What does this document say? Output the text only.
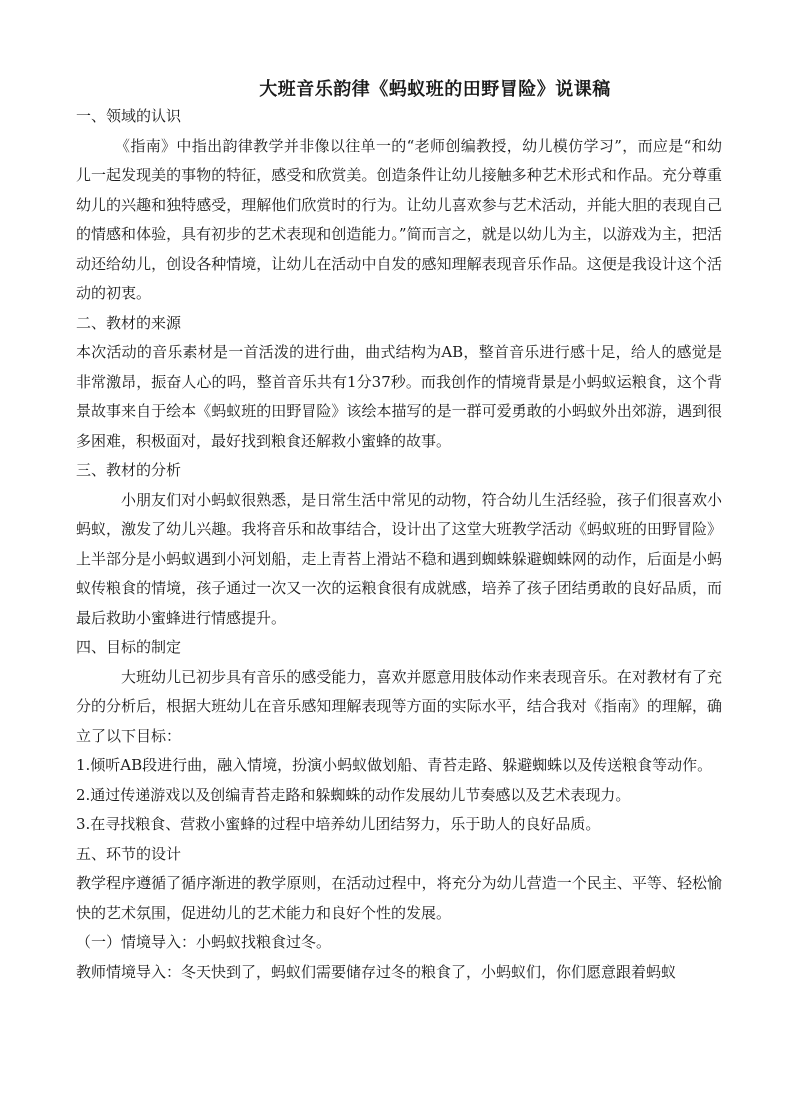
大班音乐韵律《蚂蚁班的田野冒险》说课稿

一、领域的认识

《指南》中指出韵律教学并非像以往单一的“老师创编教授，幼儿模仿学习”，而应是“和幼儿一起发现美的事物的特征，感受和欣赏美。创造条件让幼儿接触多种艺术形式和作品。充分尊重幼儿的兴趣和独特感受，理解他们欣赏时的行为。让幼儿喜欢参与艺术活动，并能大胆的表现自己的情感和体验，具有初步的艺术表现和创造能力。”简而言之，就是以幼儿为主，以游戏为主，把活动还给幼儿，创设各种情境，让幼儿在活动中自发的感知理解表现音乐作品。这便是我设计这个活动的初衷。

二、教材的来源

本次活动的音乐素材是一首活泼的进行曲，曲式结构为AB，整首音乐进行感十足，给人的感觉是非常激昂，振奋人心的吗，整首音乐共有1分37秒。而我创作的情境背景是小蚂蚁运粮食，这个背景故事来自于绘本《蚂蚁班的田野冒险》该绘本描写的是一群可爱勇敢的小蚂蚁外出郊游，遇到很多困难，积极面对，最好找到粮食还解救小蜜蜂的故事。

三、教材的分析

小朋友们对小蚂蚁很熟悉，是日常生活中常见的动物，符合幼儿生活经验，孩子们很喜欢小蚂蚁，激发了幼儿兴趣。我将音乐和故事结合，设计出了这堂大班教学活动《蚂蚁班的田野冒险》上半部分是小蚂蚁遇到小河划船，走上青苔上滑站不稳和遇到蜘蛛躲避蜘蛛网的动作，后面是小蚂蚁传粮食的情境，孩子通过一次又一次的运粮食很有成就感，培养了孩子团结勇敢的良好品质，而最后救助小蜜蜂进行情感提升。

四、目标的制定

大班幼儿已初步具有音乐的感受能力，喜欢并愿意用肢体动作来表现音乐。在对教材有了充分的分析后，根据大班幼儿在音乐感知理解表现等方面的实际水平，结合我对《指南》的理解，确立了以下目标：

1.倾听AB段进行曲，融入情境，扮演小蚂蚁做划船、青苔走路、躲避蜘蛛以及传送粮食等动作。

2.通过传递游戏以及创编青苔走路和躲蜘蛛的动作发展幼儿节奏感以及艺术表现力。

3.在寻找粮食、营救小蜜蜂的过程中培养幼儿团结努力，乐于助人的良好品质。

五、环节的设计

教学程序遵循了循序渐进的教学原则，在活动过程中，将充分为幼儿营造一个民主、平等、轻松愉快的艺术氛围，促进幼儿的艺术能力和良好个性的发展。

（一）情境导入：小蚂蚁找粮食过冬。

教师情境导入：冬天快到了，蚂蚁们需要储存过冬的粮食了，小蚂蚁们，你们愿意跟着蚂蚁
